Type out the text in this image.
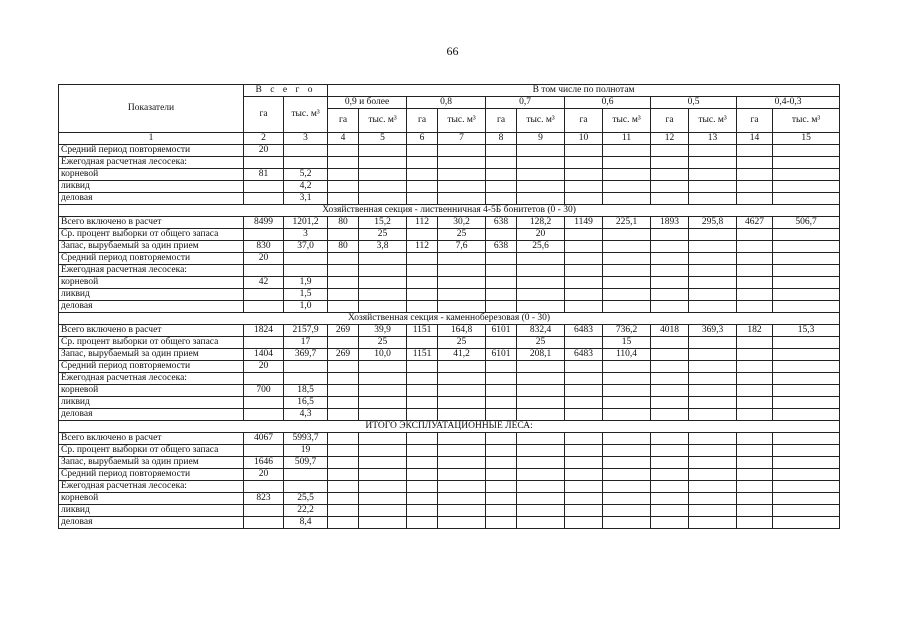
66
Показатели	В с е г о		В том числе по полнотам											
	га	тыс. м³	0,9 и более		0,8		0,7		0,6		0,5		0,4-0,3	
			га	тыс. м³	га	тыс. м³	га	тыс. м³	га	тыс. м³	га	тыс. м³	га	тыс. м³
1	2	3	4	5	6	7	8	9	10	11	12	13	14	15
Средний период повторяемости	20													
Ежегодная расчетная лесосека:														
корневой	81	5,2												
ликвид		4,2												
деловая		3,1												
Хозяйственная секция - лиственничная 4-5Б бонитетов (0 - 30)														
Всего включено в расчет	8499	1201,2	80	15,2	112	30,2	638	128,2	1149	225,1	1893	295,8	4627	506,7
Ср. процент выборки от общего запаса		3		25		25		20						
Запас, вырубаемый за один прием	830	37,0	80	3,8	112	7,6	638	25,6						
Средний период повторяемости	20													
Ежегодная расчетная лесосека:														
корневой	42	1,9												
ликвид		1,5												
деловая		1,0												
Хозяйственная секция - каменноберезовая (0 - 30)														
Всего включено в расчет	1824	2157,9	269	39,9	1151	164,8	6101	832,4	6483	736,2	4018	369,3	182	15,3
Ср. процент выборки от общего запаса		17		25		25		25		15				
Запас, вырубаемый за один прием	1404	369,7	269	10,0	1151	41,2	6101	208,1	6483	110,4				
Средний период повторяемости	20													
Ежегодная расчетная лесосека:														
корневой	700	18,5												
ликвид		16,5												
деловая		4,3												
ИТОГО ЭКСПЛУАТАЦИОННЫЕ ЛЕСА:														
Всего включено в расчет	4067	5993,7												
Ср. процент выборки от общего запаса		19												
Запас, вырубаемый за один прием	1646	509,7												
Средний период повторяемости	20													
Ежегодная расчетная лесосека:														
корневой	823	25,5												
ликвид		22,2												
деловая		8,4												
